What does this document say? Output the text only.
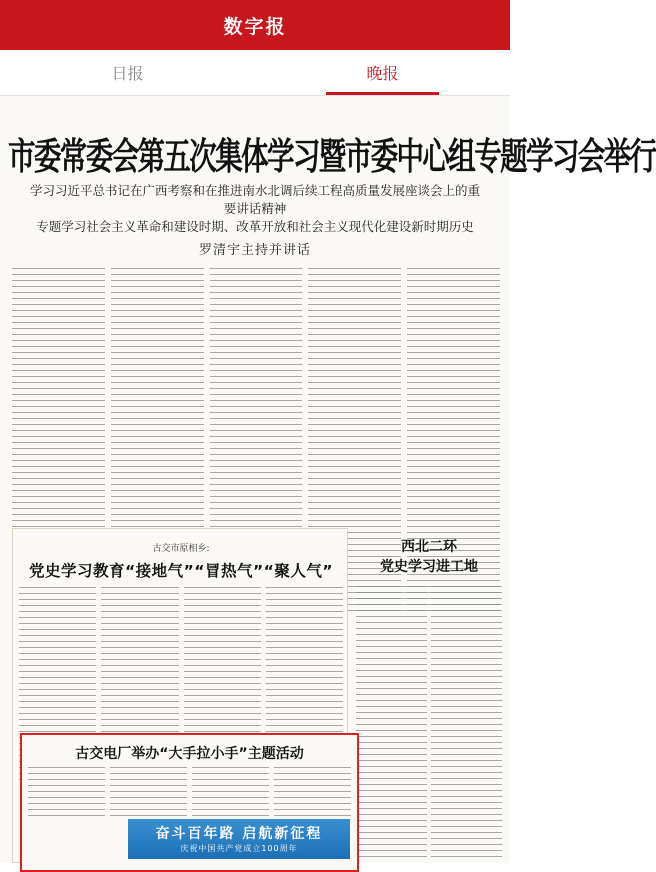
数字报
日报	晚报
市委常委会第五次集体学习暨市委中心组专题学习会举行
学习习近平总书记在广西考察和在推进南水北调后续工程高质量发展座谈会上的重要讲话精神
专题学习社会主义革命和建设时期、改革开放和社会主义现代化建设新时期历史
罗清宇主持并讲话
古交市原相乡:
党史学习教育“接地气”“冒热气”“聚人气”
西北二环
党史学习进工地
古交电厂举办“大手拉小手”主题活动
奋斗百年路 启航新征程
庆祝中国共产党成立100周年
